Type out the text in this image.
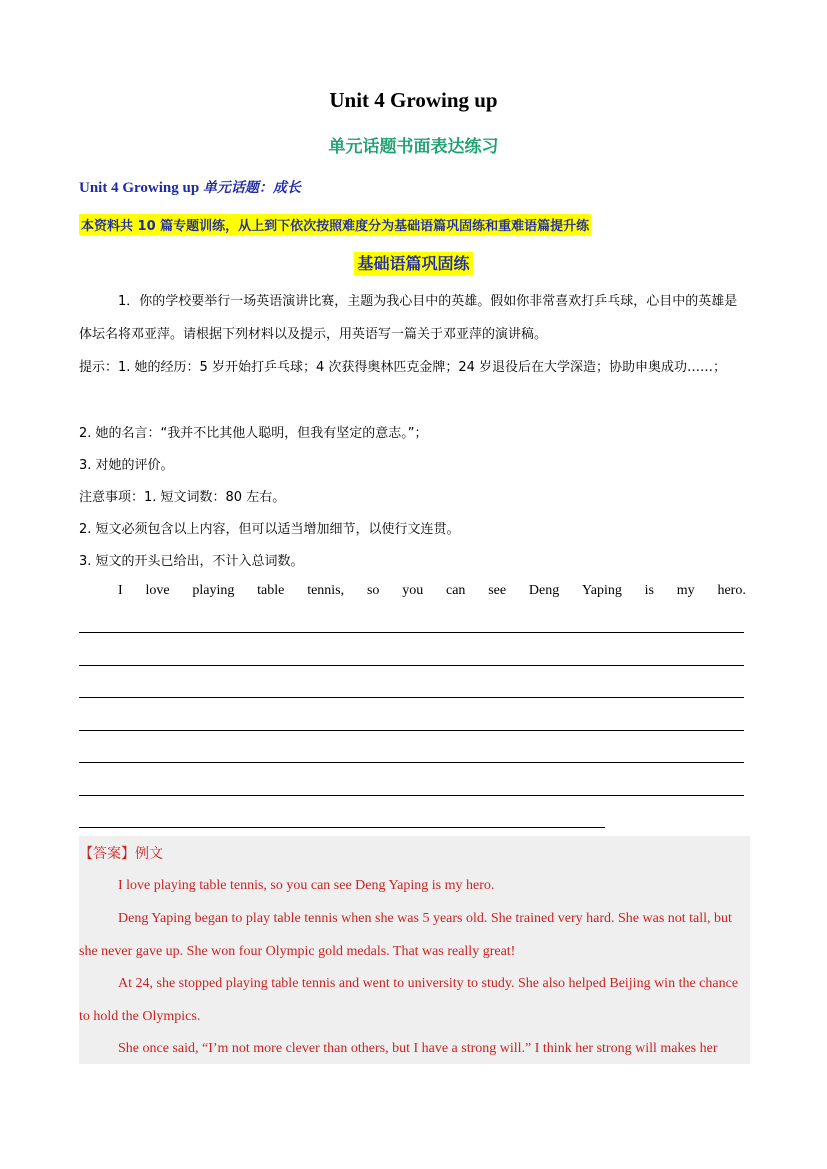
Unit 4 Growing up
单元话题书面表达练习
Unit 4 Growing up 单元话题：成长
本资料共 10 篇专题训练，从上到下依次按照难度分为基础语篇巩固练和重难语篇提升练
基础语篇巩固练
1．你的学校要举行一场英语演讲比赛，主题为我心目中的英雄。假如你非常喜欢打乒乓球，心目中的英雄是体坛名将邓亚萍。请根据下列材料以及提示，用英语写一篇关于邓亚萍的演讲稿。
提示：1. 她的经历：5 岁开始打乒乓球；4 次获得奥林匹克金牌；24 岁退役后在大学深造；协助申奥成功……；
2. 她的名言：“我并不比其他人聪明，但我有坚定的意志。”；
3. 对她的评价。
注意事项：1. 短文词数：80 左右。
2. 短文必须包含以上内容，但可以适当增加细节，以使行文连贯。
3. 短文的开头已给出，不计入总词数。
I love playing table tennis, so you can see Deng Yaping is my hero.
【答案】例文
I love playing table tennis, so you can see Deng Yaping is my hero.
Deng Yaping began to play table tennis when she was 5 years old. She trained very hard. She was not tall, but she never gave up. She won four Olympic gold medals. That was really great!
At 24, she stopped playing table tennis and went to university to study. She also helped Beijing win the chance to hold the Olympics.
She once said, “I’m not more clever than others, but I have a strong will.” I think her strong will makes her
